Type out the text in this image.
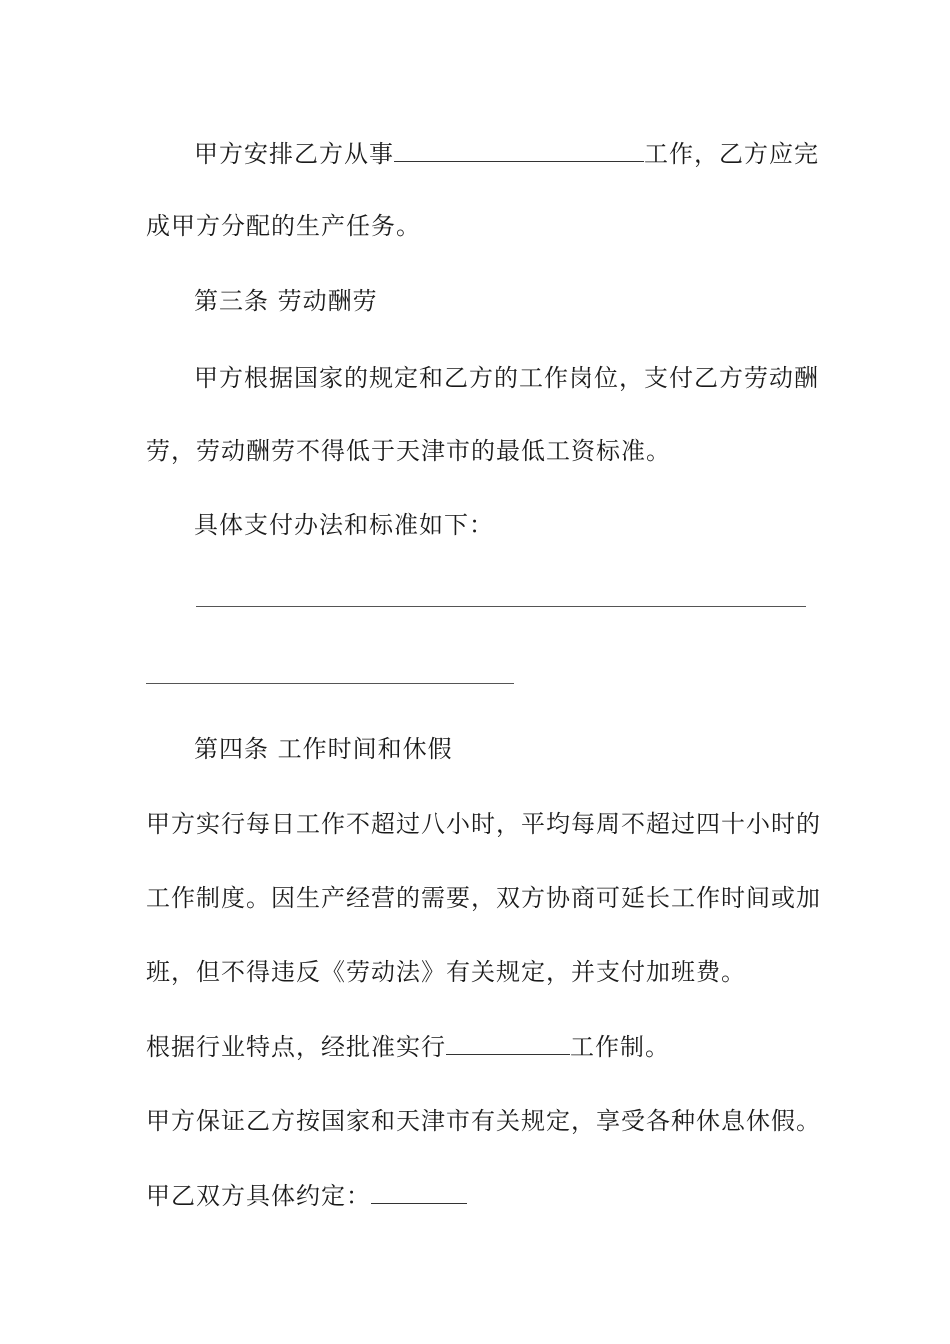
甲方安排乙方从事	工作，乙方应完
成甲方分配的生产任务。
第三条 劳动酬劳
甲方根据国家的规定和乙方的工作岗位，支付乙方劳动酬
劳，劳动酬劳不得低于天津市的最低工资标准。
具体支付办法和标准如下：
第四条 工作时间和休假
甲方实行每日工作不超过八小时，平均每周不超过四十小时的
工作制度。因生产经营的需要，双方协商可延长工作时间或加
班，但不得违反《劳动法》有关规定，并支付加班费。
根据行业特点，经批准实行	工作制。
甲方保证乙方按国家和天津市有关规定，享受各种休息休假。
甲乙双方具体约定：
